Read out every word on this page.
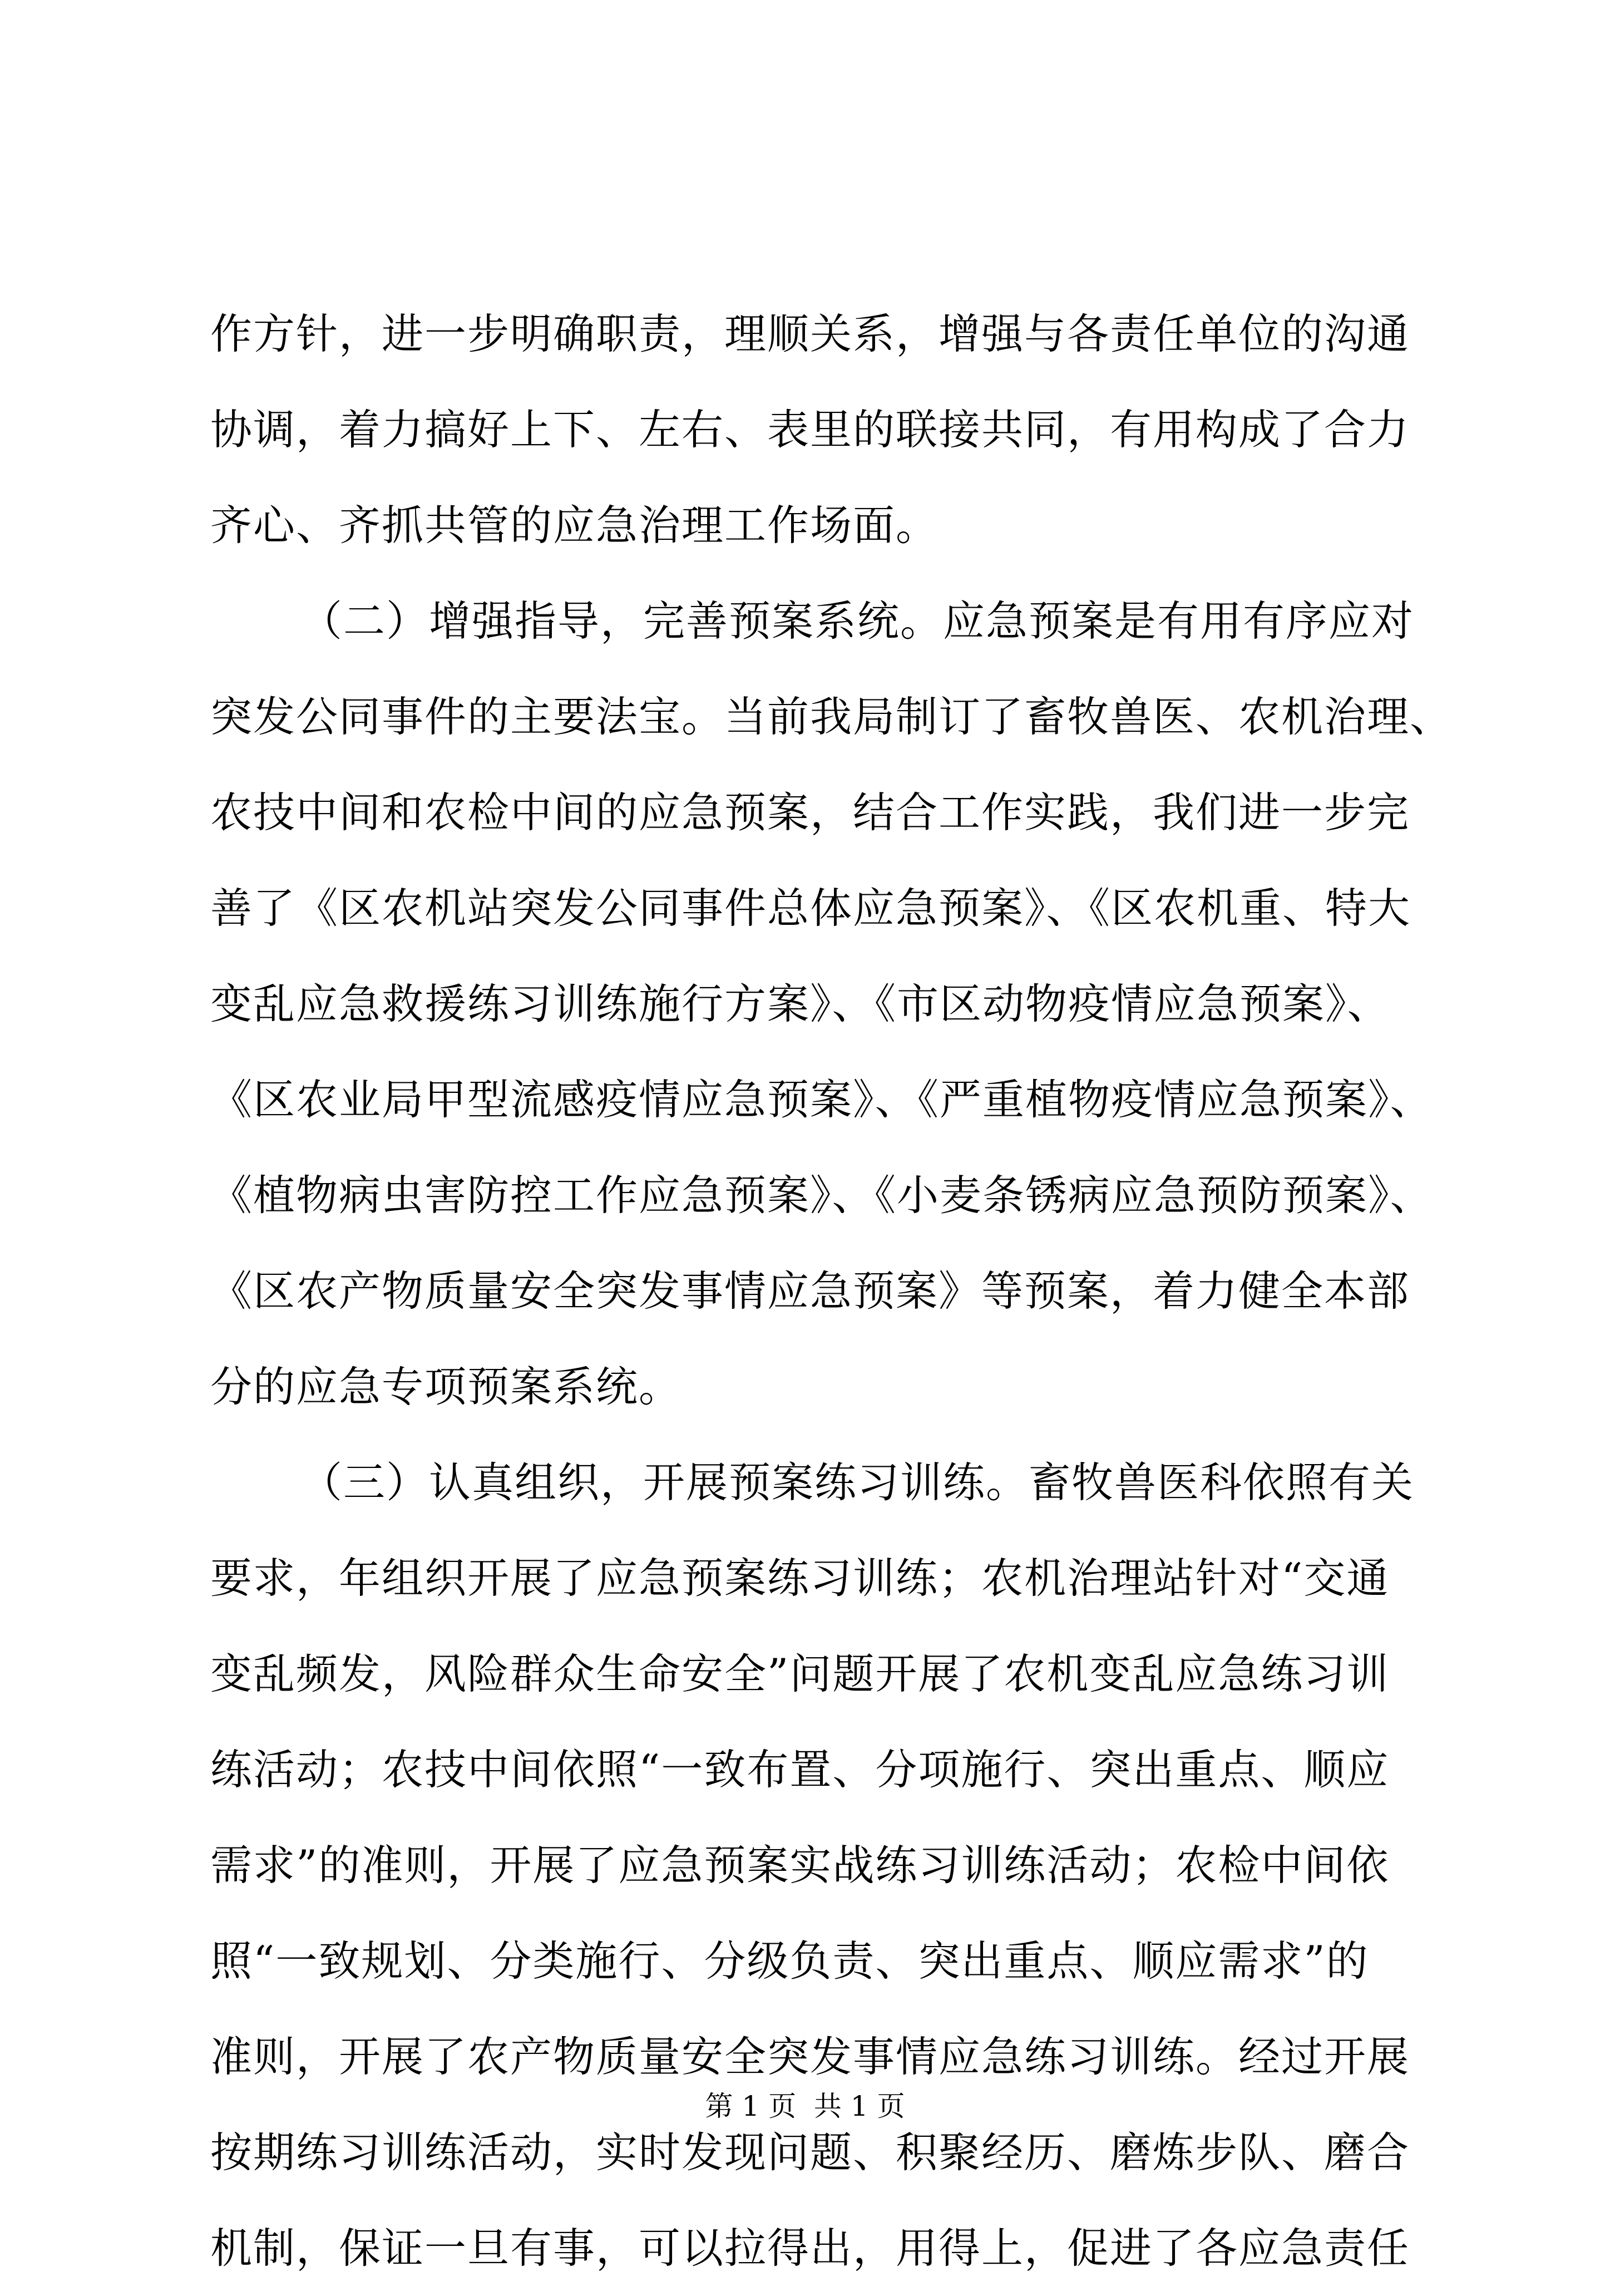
作方针，进一步明确职责，理顺关系，增强与各责任单位的沟通
协调，着力搞好上下、左右、表里的联接共同，有用构成了合力
齐心、齐抓共管的应急治理工作场面。
（二）增强指导，完善预案系统。应急预案是有用有序应对
突发公同事件的主要法宝。当前我局制订了畜牧兽医、农机治理、
农技中间和农检中间的应急预案，结合工作实践，我们进一步完
善了《区农机站突发公同事件总体应急预案》、《区农机重、特大
变乱应急救援练习训练施行方案》、《市区动物疫情应急预案》、
《区农业局甲型流感疫情应急预案》、《严重植物疫情应急预案》、
《植物病虫害防控工作应急预案》、《小麦条锈病应急预防预案》、
《区农产物质量安全突发事情应急预案》等预案，着力健全本部
分的应急专项预案系统。
（三）认真组织，开展预案练习训练。畜牧兽医科依照有关
要求，年组织开展了应急预案练习训练；农机治理站针对“交通
变乱频发，风险群众生命安全”问题开展了农机变乱应急练习训
练活动；农技中间依照“一致布置、分项施行、突出重点、顺应
需求”的准则，开展了应急预案实战练习训练活动；农检中间依
照“一致规划、分类施行、分级负责、突出重点、顺应需求”的
准则，开展了农产物质量安全突发事情应急练习训练。经过开展
按期练习训练活动，实时发现问题、积聚经历、磨炼步队、磨合
机制，保证一旦有事，可以拉得出，用得上，促进了各应急责任
第 1 页  共 1 页
